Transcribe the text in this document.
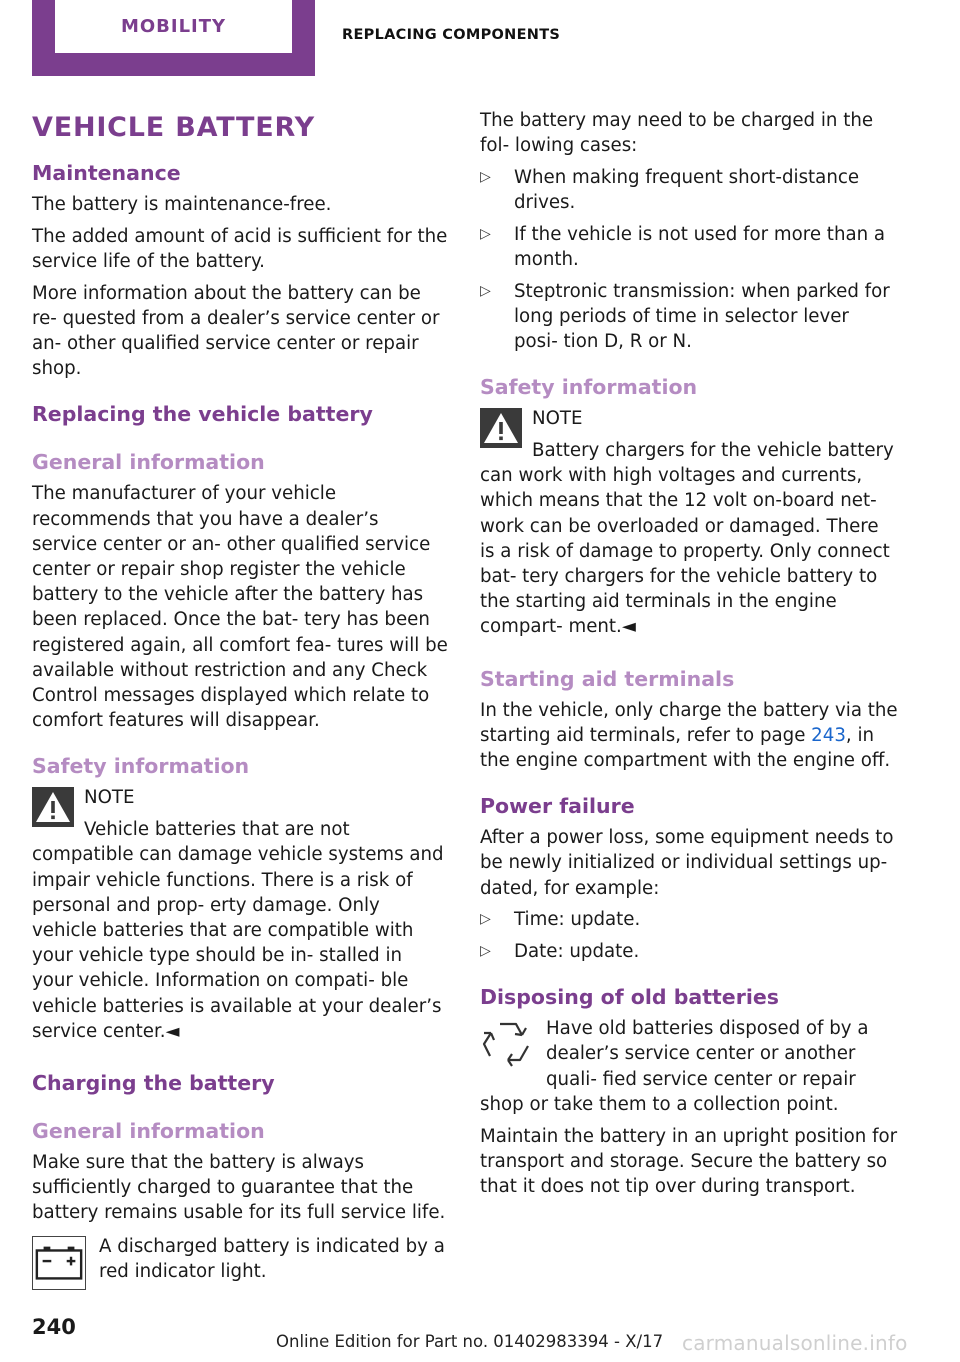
MOBILITY	REPLACING COMPONENTS
VEHICLE BATTERY
Maintenance

The battery is maintenance-free.

The added amount of acid is sufficient for the service life of the battery.

More information about the battery can be re- quested from a dealer’s service center or an- other qualified service center or repair shop.

Replacing the vehicle battery
General information

The manufacturer of your vehicle recommends that you have a dealer’s service center or an- other qualified service center or repair shop register the vehicle battery to the vehicle after the battery has been replaced. Once the bat- tery has been registered again, all comfort fea- tures will be available without restriction and any Check Control messages displayed which relate to comfort features will disappear.

Safety information

NOTE

Vehicle batteries that are not compatible can damage vehicle systems and impair vehicle functions. There is a risk of personal and prop- erty damage. Only vehicle batteries that are compatible with your vehicle type should be in- stalled in your vehicle. Information on compati- ble vehicle batteries is available at your dealer’s service center.◄

Charging the battery
General information

Make sure that the battery is always sufficiently charged to guarantee that the battery remains usable for its full service life.

A discharged battery is indicated by a red indicator light.

The battery may need to be charged in the fol- lowing cases:

▷ When making frequent short-distance drives.
▷ If the vehicle is not used for more than a month.
▷ Steptronic transmission: when parked for long periods of time in selector lever posi- tion D, R or N.
Safety information

NOTE

Battery chargers for the vehicle battery can work with high voltages and currents, which means that the 12 volt on-board net- work can be overloaded or damaged. There is a risk of damage to property. Only connect bat- tery chargers for the vehicle battery to the starting aid terminals in the engine compart- ment.◄

Starting aid terminals

In the vehicle, only charge the battery via the starting aid terminals, refer to page 243, in the engine compartment with the engine off.

Power failure

After a power loss, some equipment needs to be newly initialized or individual settings up- dated, for example:

▷ Time: update.
▷ Date: update.
Disposing of old batteries

Have old batteries disposed of by a dealer’s service center or another quali- fied service center or repair shop or take them to a collection point.

Maintain the battery in an upright position for transport and storage. Secure the battery so that it does not tip over during transport.

240
Online Edition for Part no. 01402983394 - X/17 carmanualsonline.info
